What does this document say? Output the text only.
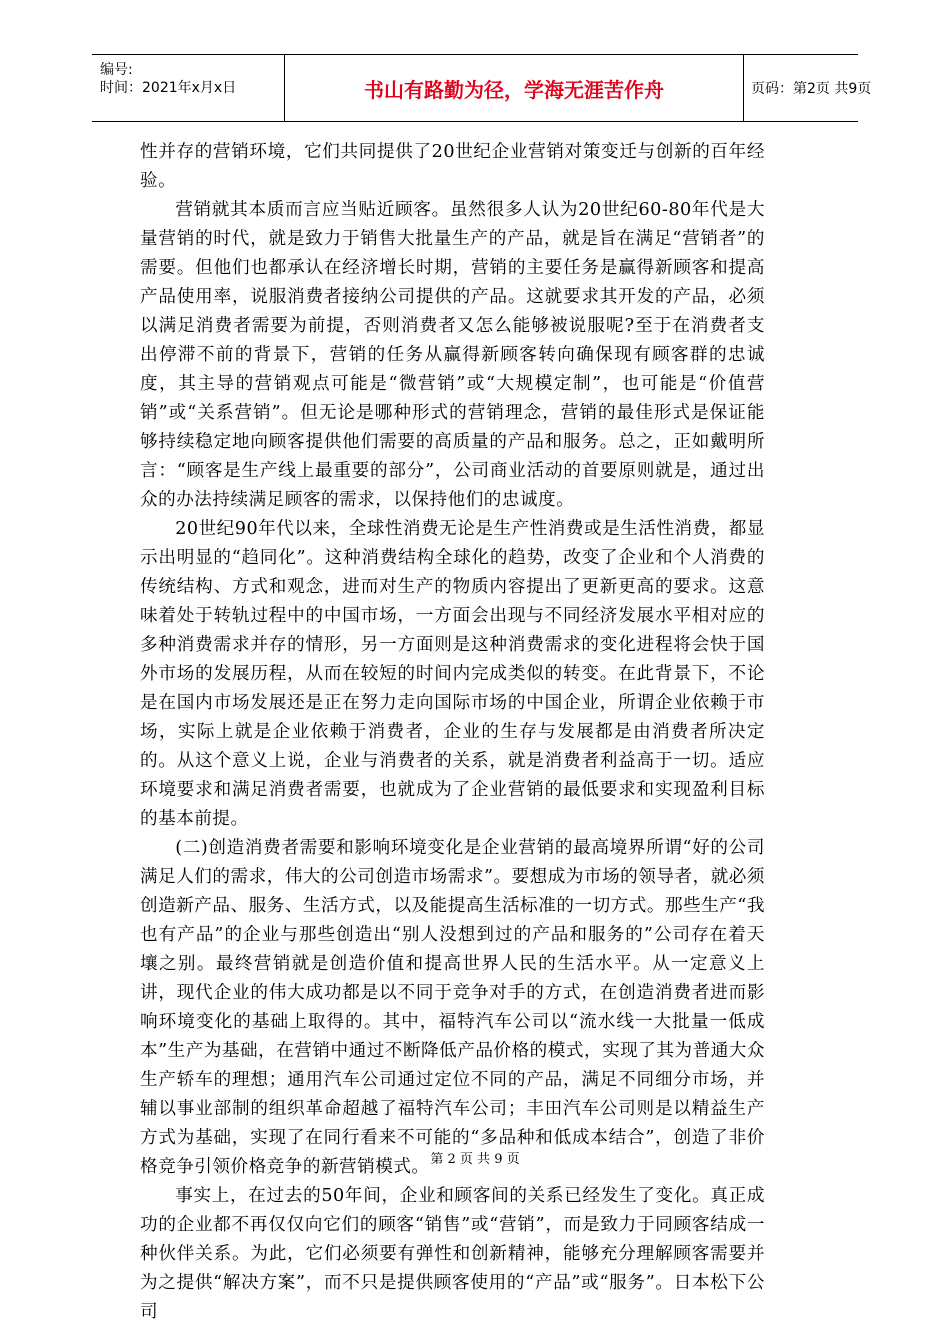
编号:
时间：2021年x月x日	书山有路勤为径，学海无涯苦作舟	页码：第2页 共9页

性并存的营销环境，它们共同提供了20世纪企业营销对策变迁与创新的百年经验。

营销就其本质而言应当贴近顾客。虽然很多人认为20世纪60-80年代是大量营销的时代，就是致力于销售大批量生产的产品，就是旨在满足“营销者”的需要。但他们也都承认在经济增长时期，营销的主要任务是赢得新顾客和提高产品使用率，说服消费者接纳公司提供的产品。这就要求其开发的产品，必须以满足消费者需要为前提，否则消费者又怎么能够被说服呢?至于在消费者支出停滞不前的背景下，营销的任务从赢得新顾客转向确保现有顾客群的忠诚度，其主导的营销观点可能是“微营销”或“大规模定制”，也可能是“价值营销”或“关系营销”。但无论是哪种形式的营销理念，营销的最佳形式是保证能够持续稳定地向顾客提供他们需要的高质量的产品和服务。总之，正如戴明所言：“顾客是生产线上最重要的部分”，公司商业活动的首要原则就是，通过出众的办法持续满足顾客的需求，以保持他们的忠诚度。

20世纪90年代以来，全球性消费无论是生产性消费或是生活性消费，都显示出明显的“趋同化”。这种消费结构全球化的趋势，改变了企业和个人消费的传统结构、方式和观念，进而对生产的物质内容提出了更新更高的要求。这意味着处于转轨过程中的中国市场，一方面会出现与不同经济发展水平相对应的多种消费需求并存的情形，另一方面则是这种消费需求的变化进程将会快于国外市场的发展历程，从而在较短的时间内完成类似的转变。在此背景下，不论是在国内市场发展还是正在努力走向国际市场的中国企业，所谓企业依赖于市场，实际上就是企业依赖于消费者，企业的生存与发展都是由消费者所决定的。从这个意义上说，企业与消费者的关系，就是消费者利益高于一切。适应环境要求和满足消费者需要，也就成为了企业营销的最低要求和实现盈利目标的基本前提。

(二)创造消费者需要和影响环境变化是企业营销的最高境界所谓“好的公司满足人们的需求，伟大的公司创造市场需求”。要想成为市场的领导者，就必须创造新产品、服务、生活方式，以及能提高生活标准的一切方式。那些生产“我也有产品”的企业与那些创造出“别人没想到过的产品和服务的”公司存在着天壤之别。最终营销就是创造价值和提高世界人民的生活水平。从一定意义上讲，现代企业的伟大成功都是以不同于竞争对手的方式，在创造消费者进而影响环境变化的基础上取得的。其中，福特汽车公司以“流水线一大批量一低成本”生产为基础，在营销中通过不断降低产品价格的模式，实现了其为普通大众生产轿车的理想；通用汽车公司通过定位不同的产品，满足不同细分市场，并辅以事业部制的组织革命超越了福特汽车公司；丰田汽车公司则是以精益生产方式为基础，实现了在同行看来不可能的“多品种和低成本结合”，创造了非价格竞争引领价格竞争的新营销模式。

事实上，在过去的50年间，企业和顾客间的关系已经发生了变化。真正成功的企业都不再仅仅向它们的顾客“销售”或“营销”，而是致力于同顾客结成一种伙伴关系。为此，它们必须要有弹性和创新精神，能够充分理解顾客需要并为之提供“解决方案”，而不只是提供顾客使用的“产品”或“服务”。日本松下公司

第 2 页 共 9 页
